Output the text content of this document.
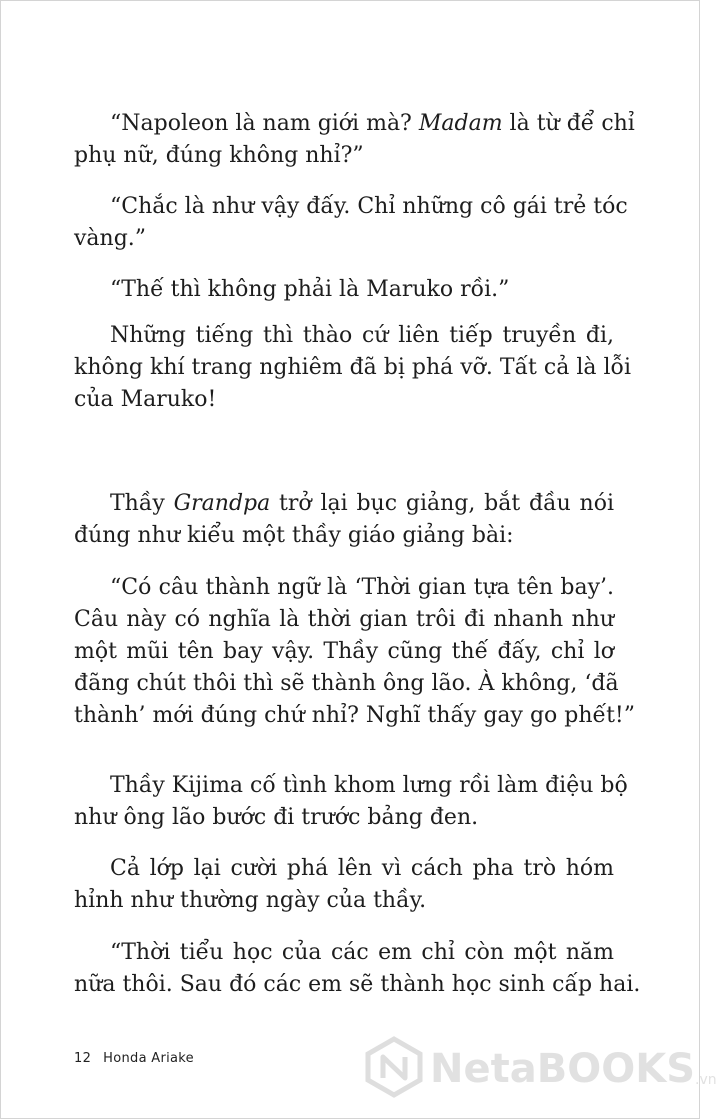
“Napoleon là nam giới mà? Madam là từ để chỉ
phụ nữ, đúng không nhỉ?”

“Chắc là như vậy đấy. Chỉ những cô gái trẻ tóc
vàng.”

“Thế thì không phải là Maruko rồi.”

Những tiếng thì thào cứ liên tiếp truyền đi,
không khí trang nghiêm đã bị phá vỡ. Tất cả là lỗi
của Maruko!

Thầy Grandpa trở lại bục giảng, bắt đầu nói
đúng như kiểu một thầy giáo giảng bài:

“Có câu thành ngữ là ‘Thời gian tựa tên bay’.
Câu này có nghĩa là thời gian trôi đi nhanh như
một mũi tên bay vậy. Thầy cũng thế đấy, chỉ lơ
đãng chút thôi thì sẽ thành ông lão. À không, ‘đã
thành’ mới đúng chứ nhỉ? Nghĩ thấy gay go phết!”

Thầy Kijima cố tình khom lưng rồi làm điệu bộ
như ông lão bước đi trước bảng đen.

Cả lớp lại cười phá lên vì cách pha trò hóm
hỉnh như thường ngày của thầy.

“Thời tiểu học của các em chỉ còn một năm
nữa thôi. Sau đó các em sẽ thành học sinh cấp hai.

12 Honda Ariake	NetaBOOKS .vn
